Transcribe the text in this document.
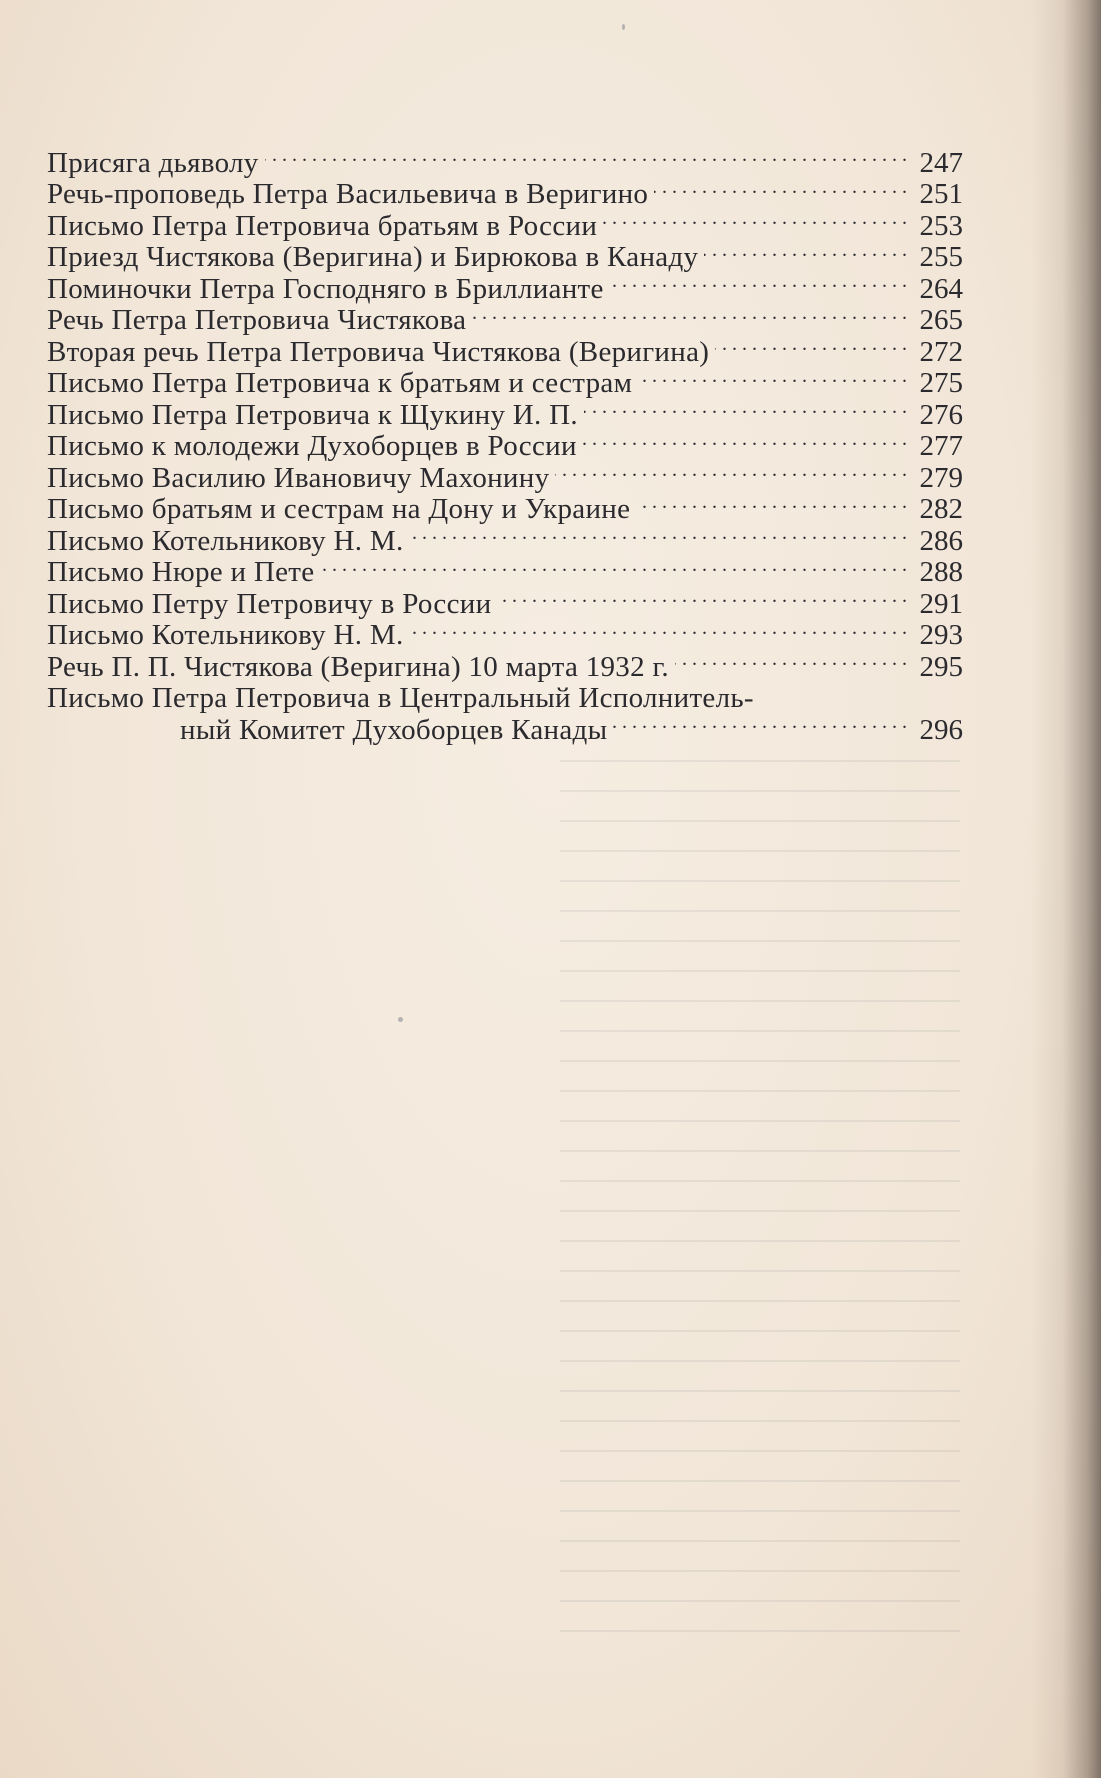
Присяга дьяволу . . .	247
Речь-проповедь Петра Васильевича в Веригино . . .	251
Письмо Петра Петровича братьям в России . . .	253
Приезд Чистякова (Веригина) и Бирюкова в Канаду . . .	255
Поминочки Петра Господняго в Бриллианте . . .	264
Речь Петра Петровича Чистякова . . .	265
Вторая речь Петра Петровича Чистякова (Веригина) . . .	272
Письмо Петра Петровича к братьям и сестрам . . .	275
Письмо Петра Петровича к Щукину И. П. . . .	276
Письмо к молодежи Духоборцев в России . . .	277
Письмо Василию Ивановичу Махонину . . .	279
Письмо братьям и сестрам на Дону и Украине . . .	282
Письмо Котельникову Н. М. . . .	286
Письмо Нюре и Пете . . .	288
Письмо Петру Петровичу в России . . .	291
Письмо Котельникову Н. М. . . .	293
Речь П. П. Чистякова (Веригина) 10 марта 1932 г. . . .	295
Письмо Петра Петровича в Центральный Исполнитель-
ный Комитет Духоборцев Канады . . .	296
